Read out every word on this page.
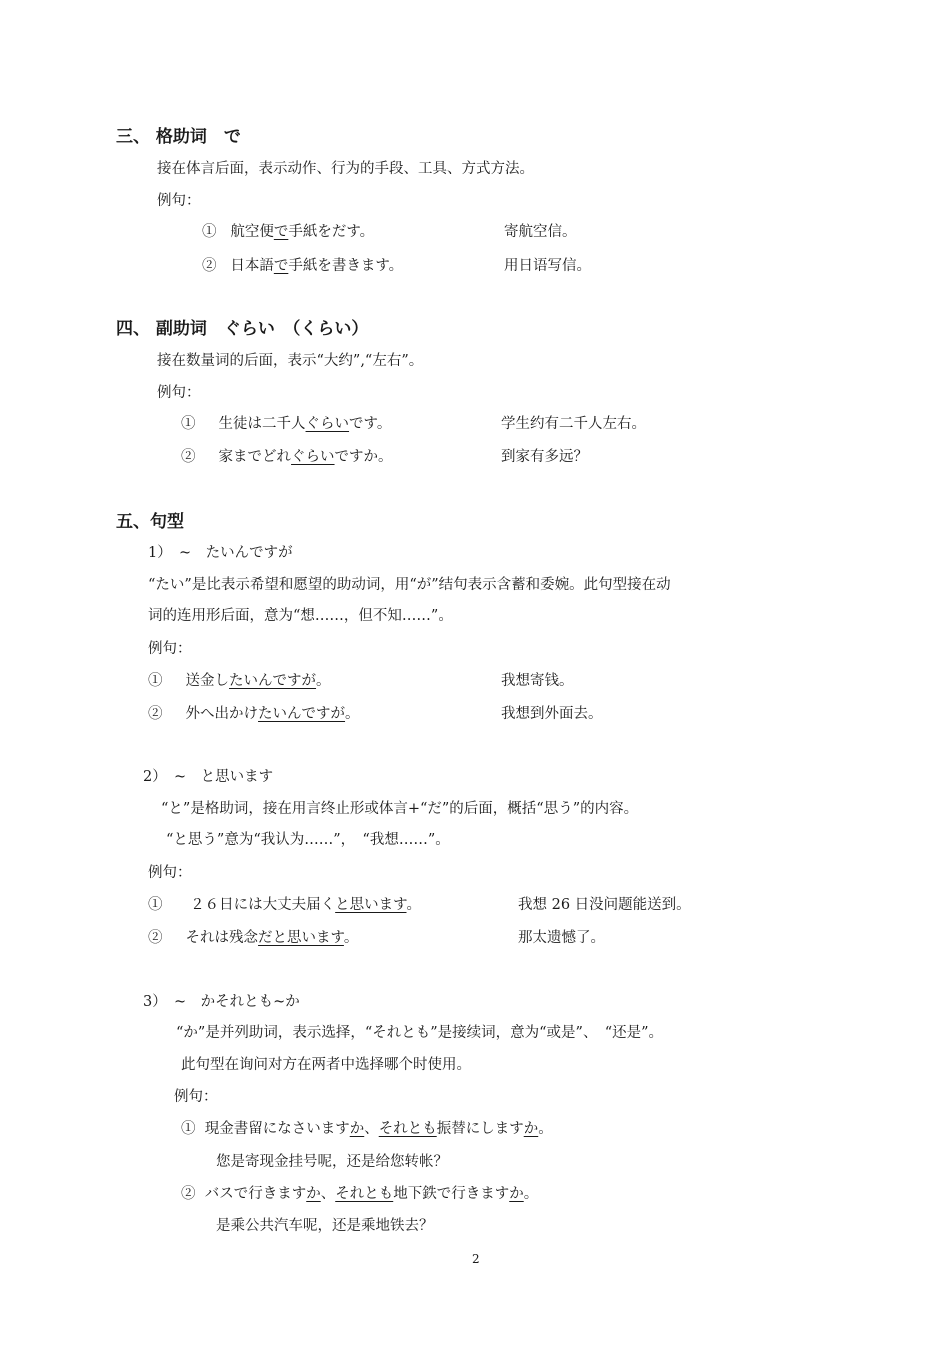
三、 格助词　で
接在体言后面，表示动作、行为的手段、工具、方式方法。
例句：
① 航空便で手紙をだす。	寄航空信。
② 日本語で手紙を書きます。	用日语写信。
四、 副助词　ぐらい　（くらい）
接在数量词的后面，表示“大约”,“左右”。
例句：
① 生徒は二千人ぐらいです。	学生约有二千人左右。
② 家までどれぐらいですか。	到家有多远？
五、句型
1）　~　たいんですが
“たい”是比表示希望和愿望的助动词，用“が”结句表示含蓄和委婉。此句型接在动
词的连用形后面，意为“想……，但不知……”。
例句：
① 送金したいんですが。	我想寄钱。
② 外へ出かけたいんですが。	我想到外面去。
2）　~　と思います
“と”是格助词，接在用言终止形或体言+“だ”的后面，概括“思う”的内容。
“と思う”意为“我认为……”，　“我想……”。
例句：
① ２６日には大丈夫届くと思います。	我想 26 日没问题能送到。
② それは残念だと思います。	那太遗憾了。
3）　~　かそれとも~か
“か”是并列助词，表示选择，“それとも”是接续词，意为“或是”、　“还是”。
此句型在询问对方在两者中选择哪个时使用。
例句：
① 現金書留になさいますか、それとも振替にしますか。
您是寄现金挂号呢，还是给您转帐？
② バスで行きますか、それとも地下鉄で行きますか。
是乘公共汽车呢，还是乘地铁去？
2
